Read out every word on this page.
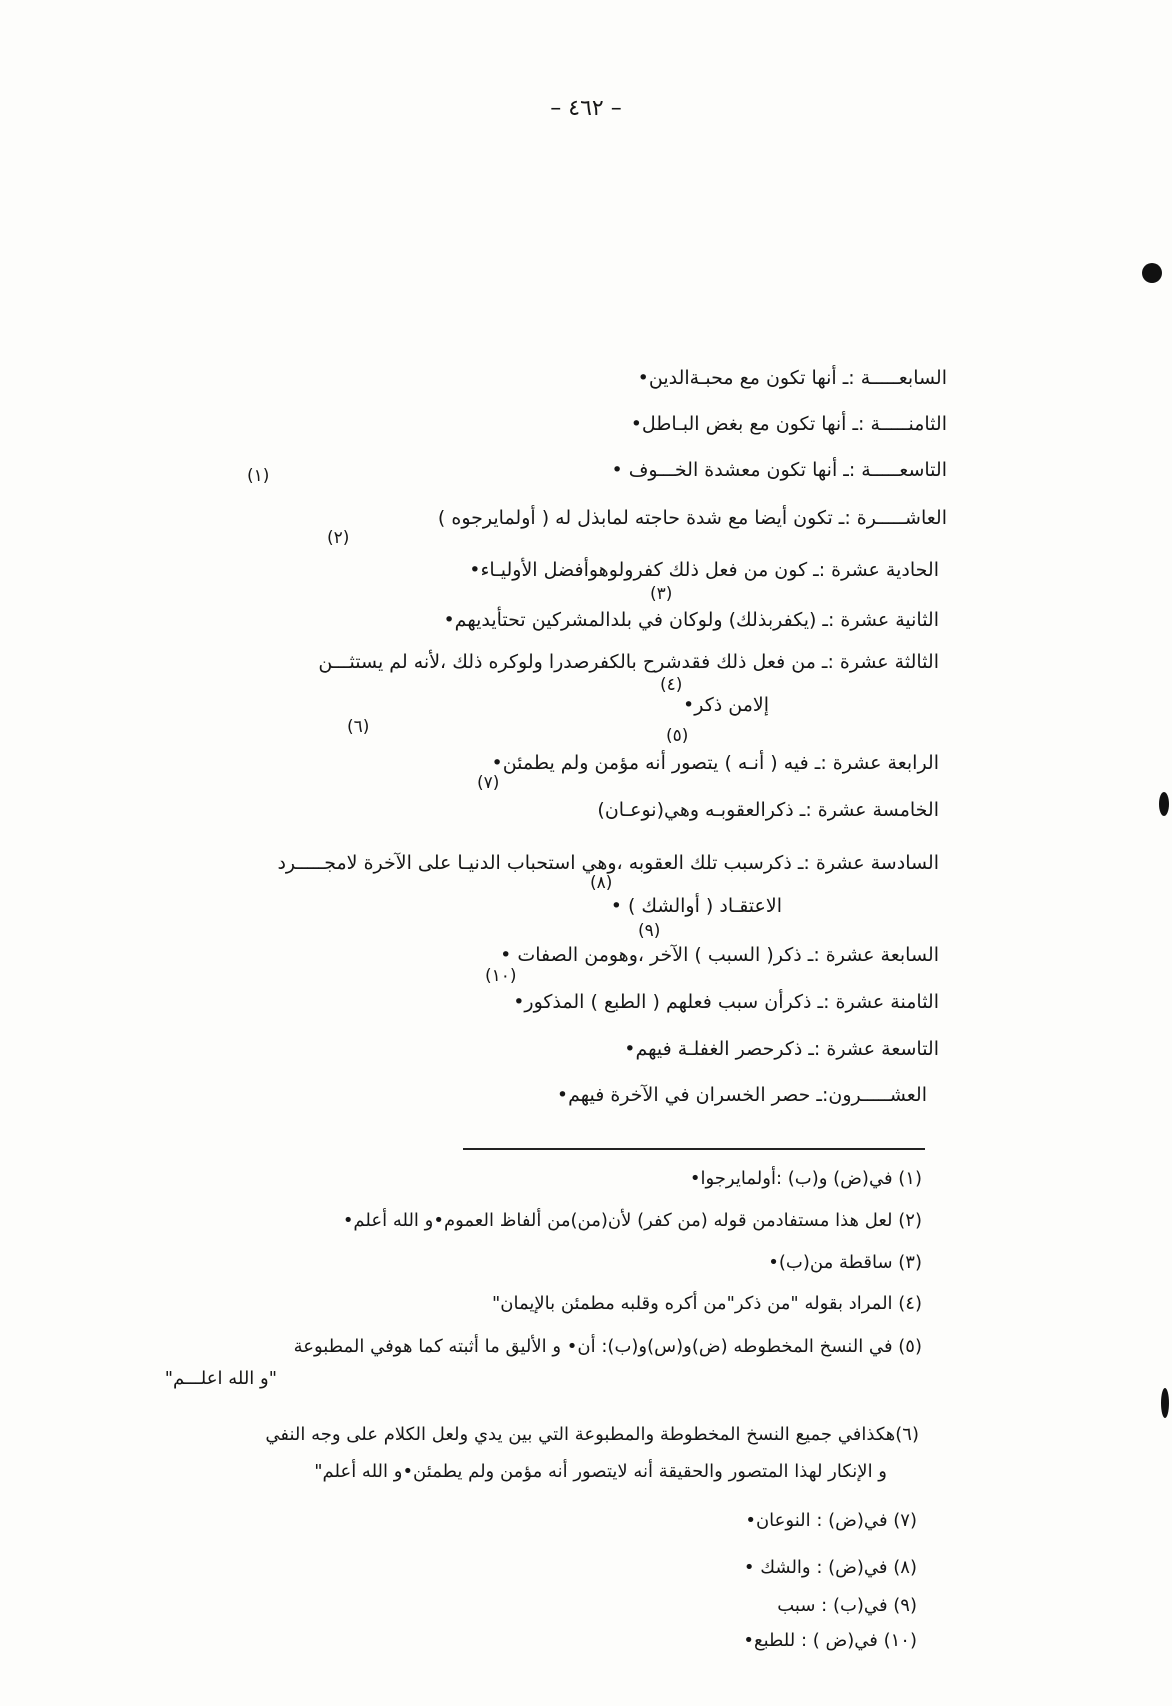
– ٤٦٢ –
السابعـــــة :ـ أنها تكون مع محبـةالدين•
الثامنـــــة :ـ أنها تكون مع بغض البـاطل•
التاسعـــــة :ـ أنها تكون معشدة الخـــوف •
العاشـــــرة :ـ تكون أيضا مع شدة حاجته لمابذل له ( أولمايرجوه )
الحادية عشرة :ـ كون من فعل ذلك كفرولوهوأفضل الأوليـاء•
الثانية عشرة :ـ (يكفربذلك) ولوكان في بلدالمشركين تحتأيديهم•
الثالثة عشرة :ـ من فعل ذلك فقدشرح بالكفرصدرا ولوكره ذلك ،لأنه لم يستثـــن
إلامن ذكر•
الرابعة عشرة :ـ فيه ( أنـه ) يتصور أنه مؤمن ولم يطمئن•
الخامسة عشرة :ـ ذكرالعقوبـه وهي(نوعـان)
السادسة عشرة :ـ ذكرسبب تلك العقوبه ،وهي استحباب الدنيـا على الآخرة لامجـــــرد
الاعتقـاد ( أوالشك ) •
السابعة عشرة :ـ ذكر( السبب ) الآخر ،وهومن الصفات •
الثامنة عشرة :ـ ذكرأن سبب فعلهم ( الطبع ) المذكور•
التاسعة عشرة :ـ ذكرحصر الغفلـة فيهم•
العشـــــرون:ـ حصر الخسران في الآخرة فيهم•
(١)
(٢)
(٣)
(٤)
(٥)
(٦)
(٧)
(٨)
(٩)
(١٠)
(١) في(ض) و(ب) :أولمايرجوا•
(٢) لعل هذا مستفادمن قوله (من كفر) لأن(من)من ألفاظ العموم•و الله أعلم•
(٣) ساقطة من(ب)•
(٤) المراد بقوله "من ذكر"من أكره وقلبه مطمئن بالإيمان"
(٥) في النسخ المخطوطه (ض)و(س)و(ب): أن• و الأليق ما أثبته كما هوفي المطبوعة
"و الله اعلـــم"
(٦)هكذافي جميع النسخ المخطوطة والمطبوعة التي بين يدي ولعل الكلام على وجه النفي
و الإنكار لهذا المتصور والحقيقة أنه لايتصور أنه مؤمن ولم يطمئن•و الله أعلم"
(٧) في(ض) : النوعان•
(٨) في(ض) : والشك •
(٩) في(ب) : سبب
(١٠) في(ض ) : للطبع•
